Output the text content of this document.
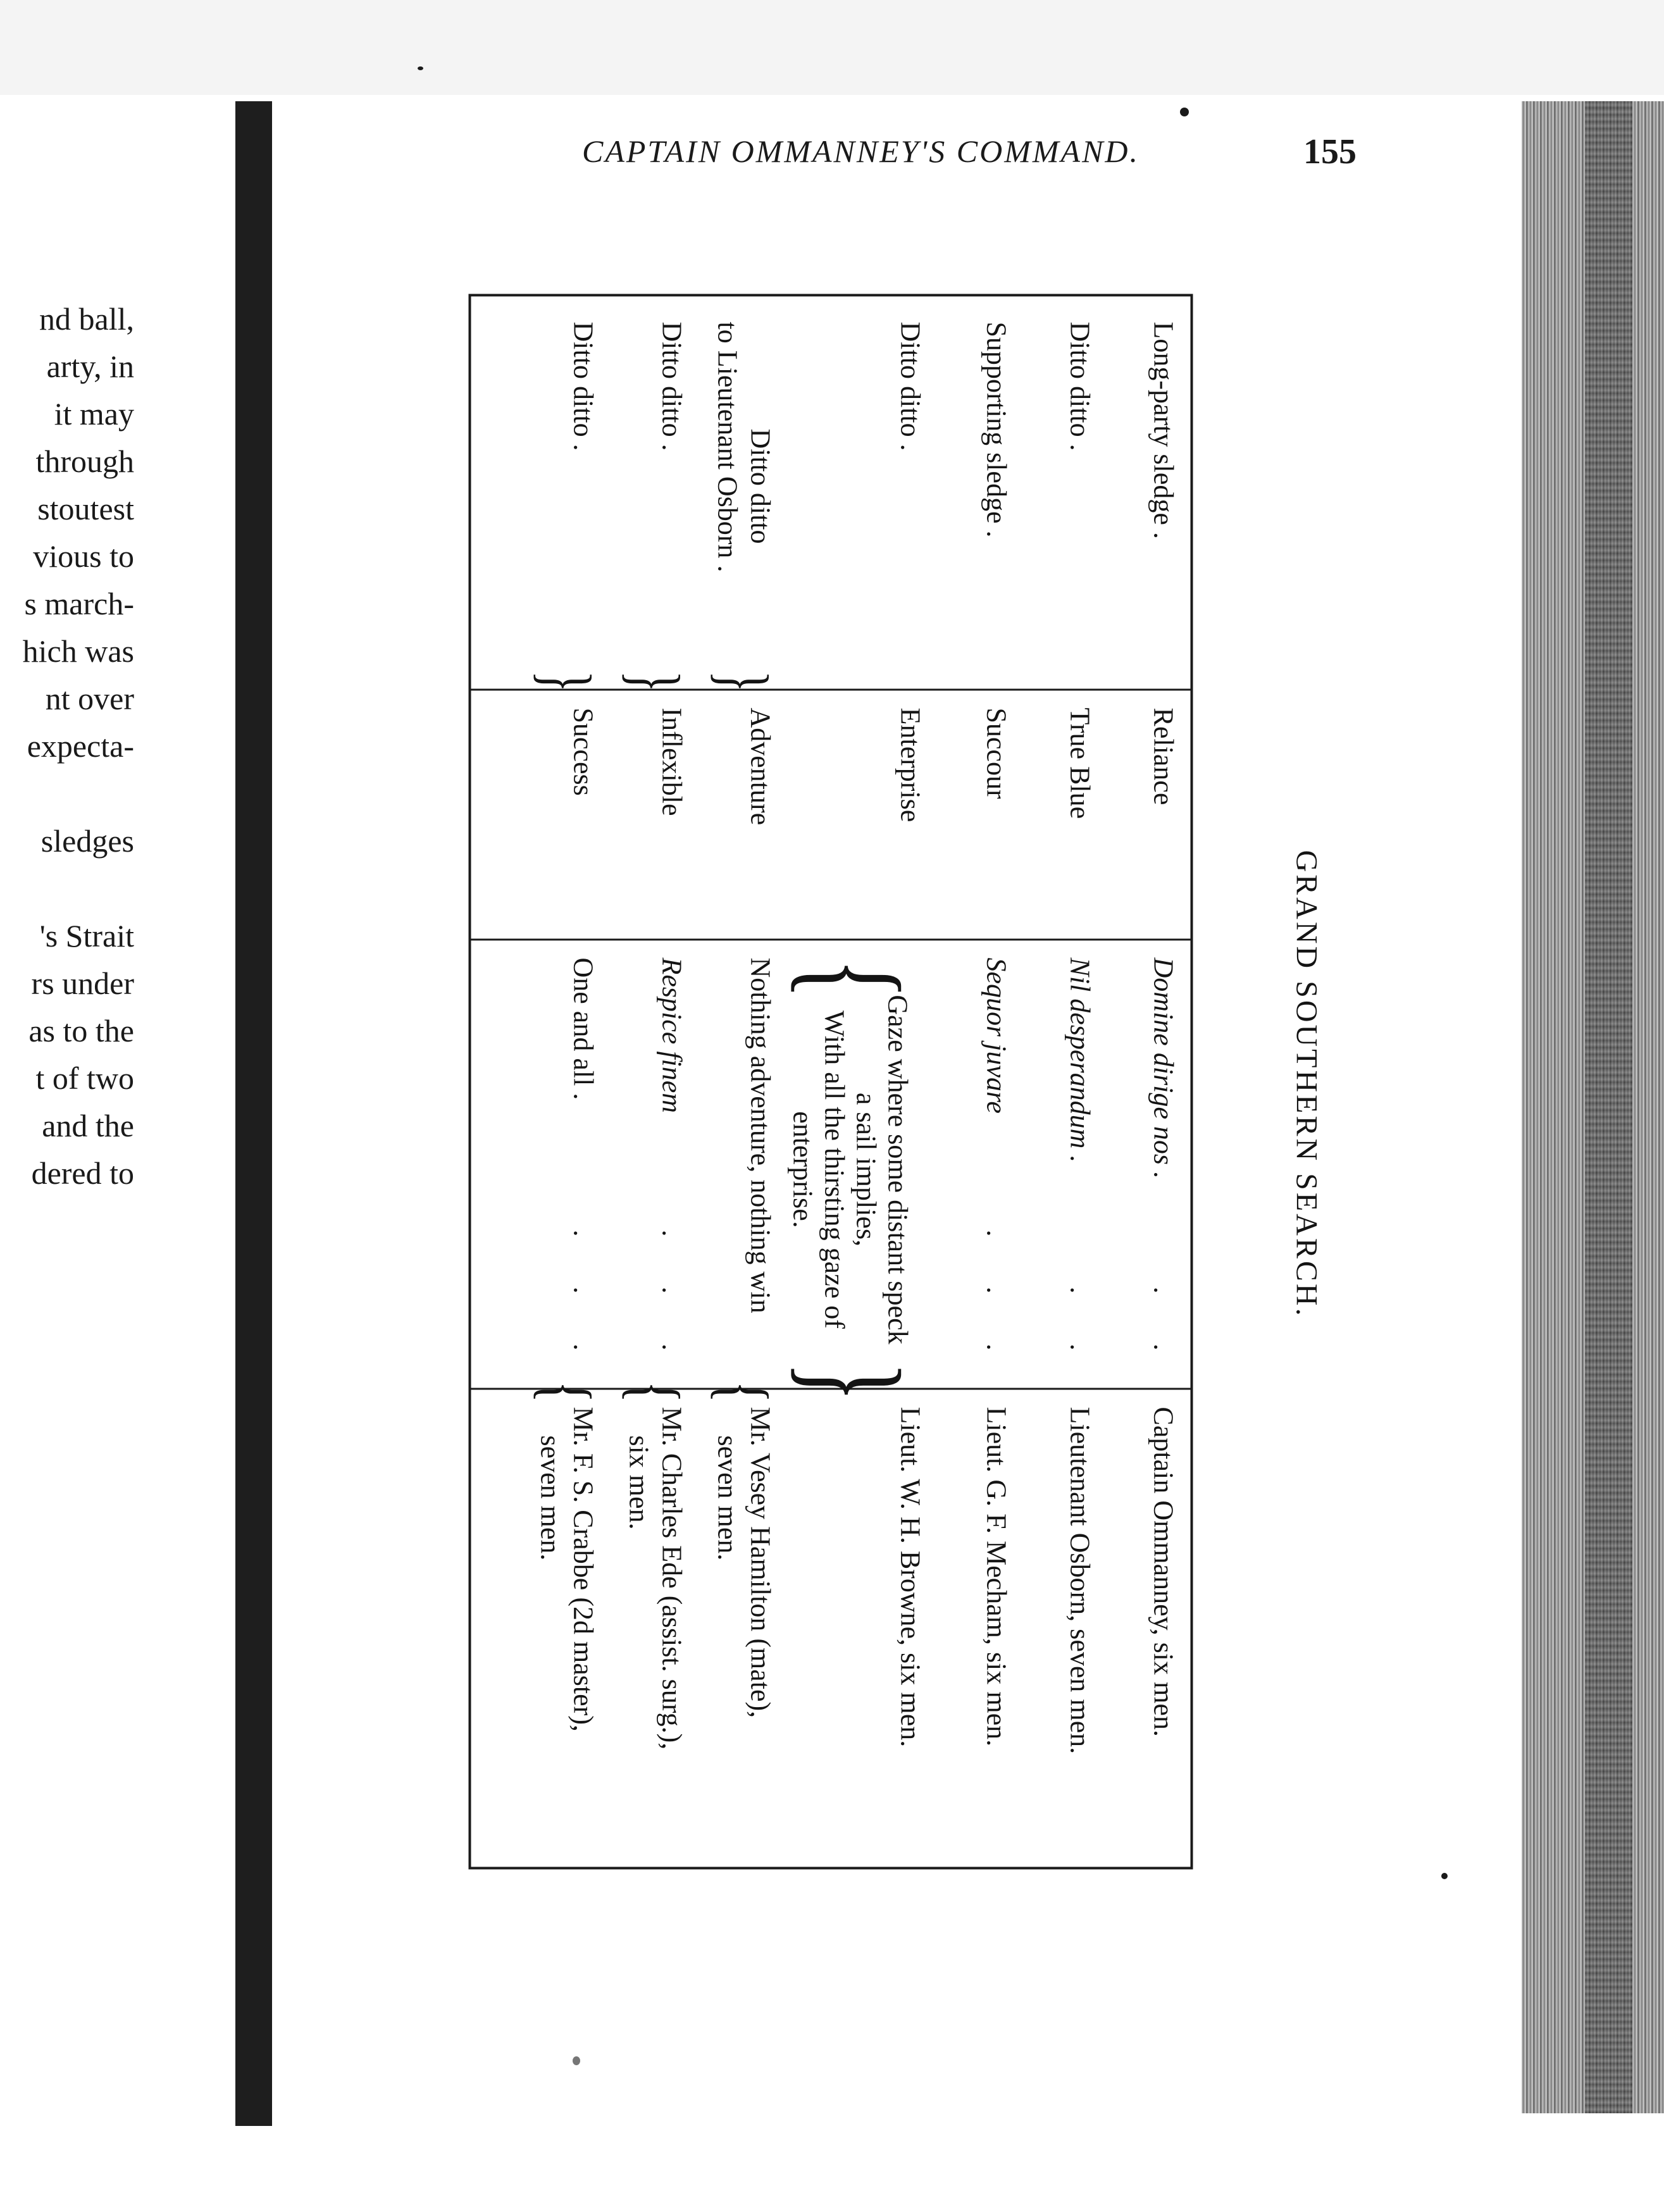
nd ball,
arty, in
it may
through
stoutest
vious to
s march-
hich was
nt over
expecta-
sledges
's Strait
rs under
as to the
t of two
and the
dered to
CAPTAIN OMMANNEY'S COMMAND.	155
GRAND SOUTHERN SEARCH.
Long-party sledge .
Reliance
Domine dirige nos .
. .
Captain Ommanney, six men.
Ditto ditto .
True Blue
Nil desperandum .
. .
Lieutenant Osborn, seven men.
Supporting sledge .
Succour
Sequor juvare
. . .
Lieut. G. F. Mecham, six men.
Ditto ditto .
Enterprise
Gaze where some distant speck
a sail implies,
With all the thirsting gaze of
enterprise.
{
}
Lieut. W. H. Browne, six men.
Ditto ditto
to Lieutenant Osborn .
Adventure
Nothing adventure, nothing win
Mr. Vesey Hamilton (mate),
seven men.
}
{
Ditto ditto .
Inflexible
Respice finem
. . .
Mr. Charles Ede (assist. surg.),
six men.
}
{
Ditto ditto .
Success
One and all .
. . .
Mr. F. S. Crabbe (2d master),
seven men.
}
{
